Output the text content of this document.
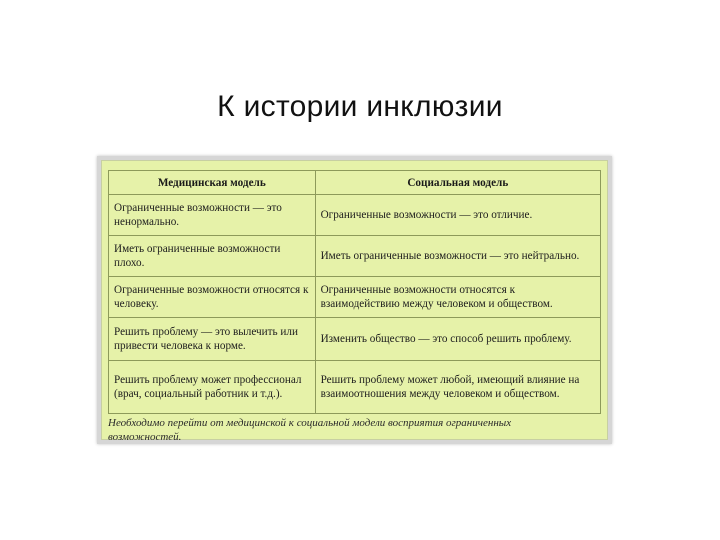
К истории инклюзии
Медицинская модель	Социальная модель
Ограниченные возможности — это ненормально.	Ограниченные возможности — это отличие.
Иметь ограниченные возможности плохо.	Иметь ограниченные возможности — это нейтрально.
Ограниченные возможности относятся к человеку.	Ограниченные возможности относятся к взаимодействию между человеком и обществом.
Решить проблему — это вылечить или привести человека к норме.	Изменить общество — это способ решить проблему.
Решить проблему может профессионал (врач, социальный работник и т.д.).	Решить проблему может любой, имеющий влияние на взаимоотношения между человеком и обществом.
Необходимо перейти от медицинской к социальной модели восприятия ограниченных возможностей.
